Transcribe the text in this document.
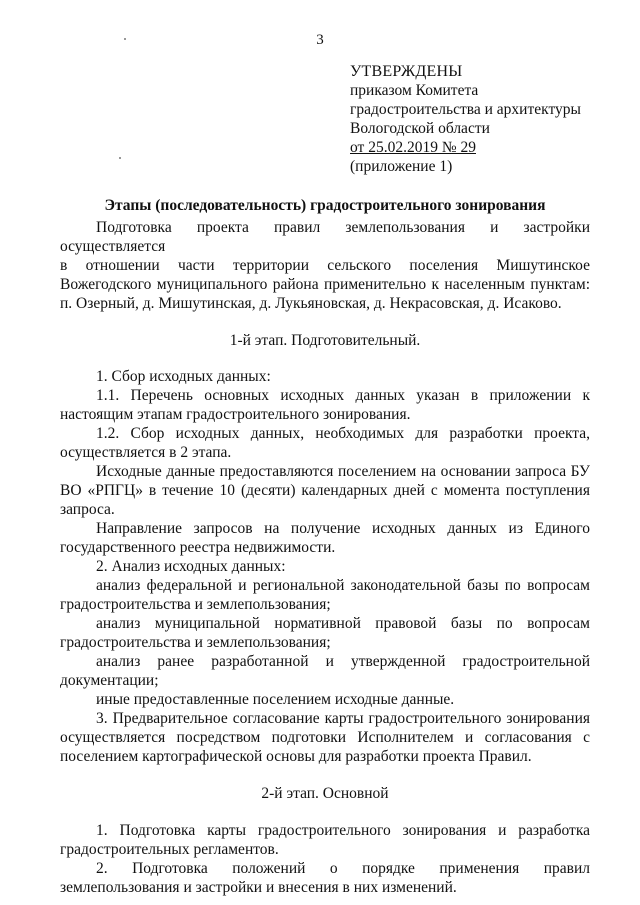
3
УТВЕРЖДЕНЫ
приказом Комитета
градостроительства и архитектуры
Вологодской области
от 25.02.2019 № 29
(приложение 1)
Этапы (последовательность) градостроительного зонирования

Подготовка проекта правил землепользования и застройки осуществляется

в отношении части территории сельского поселения Мишутинское

Вожегодского муниципального района применительно к населенным пунктам:

п. Озерный, д. Мишутинская, д. Лукьяновская, д. Некрасовская, д. Исаково.

1-й этап. Подготовительный.

1. Сбор исходных данных:

1.1. Перечень основных исходных данных указан в приложении к

настоящим этапам градостроительного зонирования.

1.2. Сбор исходных данных, необходимых для разработки проекта,

осуществляется в 2 этапа.

Исходные данные предоставляются поселением на основании запроса БУ

ВО «РПГЦ» в течение 10 (десяти) календарных дней с момента поступления

запроса.

Направление запросов на получение исходных данных из Единого

государственного реестра недвижимости.

2. Анализ исходных данных:

анализ федеральной и региональной законодательной базы по вопросам

градостроительства и землепользования;

анализ муниципальной нормативной правовой базы по вопросам

градостроительства и землепользования;

анализ ранее разработанной и утвержденной градостроительной

документации;

иные предоставленные поселением исходные данные.

3. Предварительное согласование карты градостроительного зонирования

осуществляется посредством подготовки Исполнителем и согласования с

поселением картографической основы для разработки проекта Правил.

2-й этап. Основной

1. Подготовка карты градостроительного зонирования и разработка

градостроительных регламентов.

2. Подготовка положений о порядке применения правил

землепользования и застройки и внесения в них изменений.
